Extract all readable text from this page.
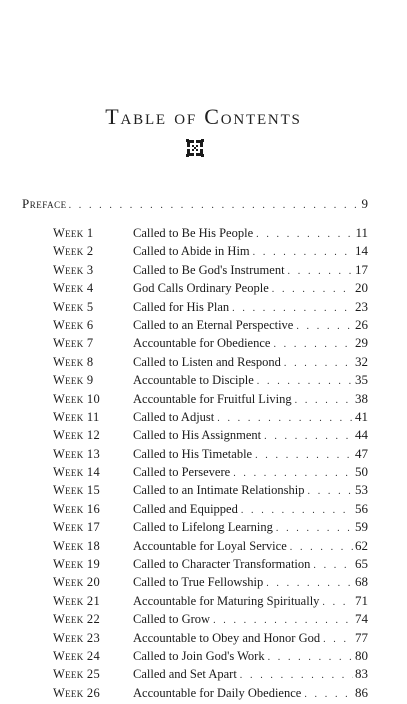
Table of Contents
Preface . . .	9
Week 1	Called to Be His People . . .	11
Week 2	Called to Abide in Him . . .	14
Week 3	Called to Be God's Instrument . . .	17
Week 4	God Calls Ordinary People . . .	20
Week 5	Called for His Plan . . .	23
Week 6	Called to an Eternal Perspective . . .	26
Week 7	Accountable for Obedience . . .	29
Week 8	Called to Listen and Respond . . .	32
Week 9	Accountable to Disciple . . .	35
Week 10	Accountable for Fruitful Living . . .	38
Week 11	Called to Adjust . . .	41
Week 12	Called to His Assignment . . .	44
Week 13	Called to His Timetable . . .	47
Week 14	Called to Persevere . . .	50
Week 15	Called to an Intimate Relationship . . .	53
Week 16	Called and Equipped . . .	56
Week 17	Called to Lifelong Learning . . .	59
Week 18	Accountable for Loyal Service . . .	62
Week 19	Called to Character Transformation . . .	65
Week 20	Called to True Fellowship . . .	68
Week 21	Accountable for Maturing Spiritually . . .	71
Week 22	Called to Grow . . .	74
Week 23	Accountable to Obey and Honor God . . .	77
Week 24	Called to Join God's Work . . .	80
Week 25	Called and Set Apart . . .	83
Week 26	Accountable for Daily Obedience . . .	86
